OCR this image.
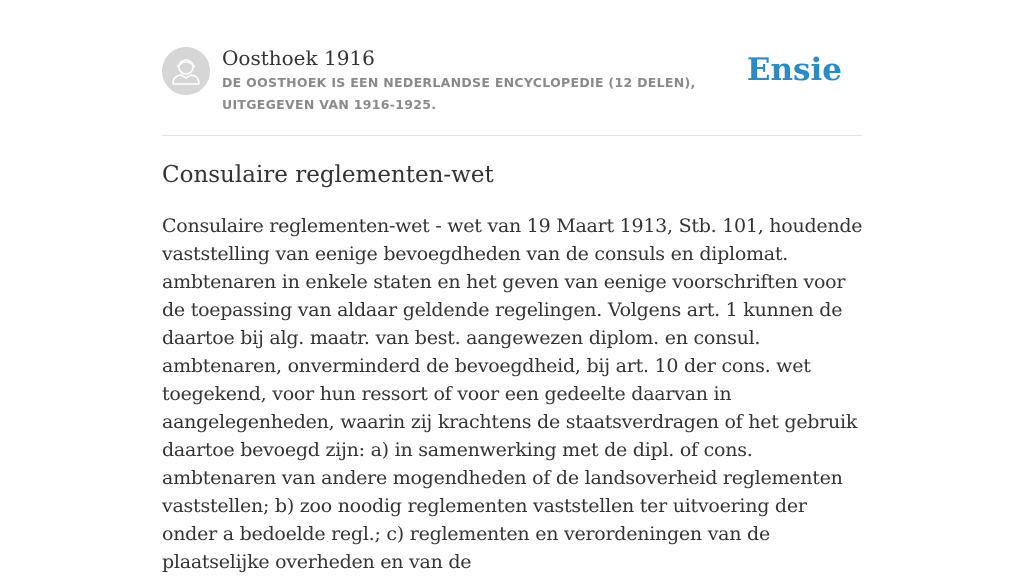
Oosthoek 1916
DE OOSTHOEK IS EEN NEDERLANDSE ENCYCLOPEDIE (12 DELEN), UITGEGEVEN VAN 1916-1925.
Ensie
Consulaire reglementen-wet

Consulaire reglementen-wet - wet van 19 Maart 1913, Stb. 101, houdende vaststelling van eenige bevoegdheden van de consuls en diplomat. ambtenaren in enkele staten en het geven van eenige voorschriften voor de toepassing van aldaar geldende regelingen. Volgens art. 1 kunnen de daartoe bij alg. maatr. van best. aangewezen diplom. en consul. ambtenaren, onverminderd de bevoegdheid, bij art. 10 der cons. wet toegekend, voor hun ressort of voor een gedeelte daarvan in aangelegenheden, waarin zij krachtens de staatsverdragen of het gebruik daartoe bevoegd zijn: a) in samenwerking met de dipl. of cons. ambtenaren van andere mogendheden of de landsoverheid reglementen vaststellen; b) zoo noodig reglementen vaststellen ter uitvoering der onder a bedoelde regl.; c) reglementen en verordeningen van de plaatselijke overheden en van de
